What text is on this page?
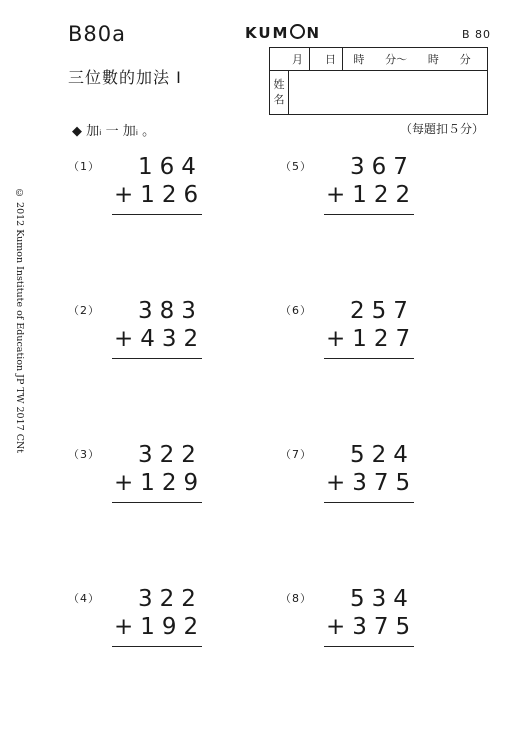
B80a	KUM N	B 80
三位數的加法 Ⅰ
◆ 加ᵢ 一 加ᵢ 。	（每題扣５分）
© 2012 Kumon Institute of Education JP TW 2017 CNt
月 日 時 分～ 時 分
姓
名
（1） 164
+126
（2） 383
+432
（3） 322
+129
（4） 322
+192
（5） 367
+122
（6） 257
+127
（7） 524
+375
（8） 534
+375
